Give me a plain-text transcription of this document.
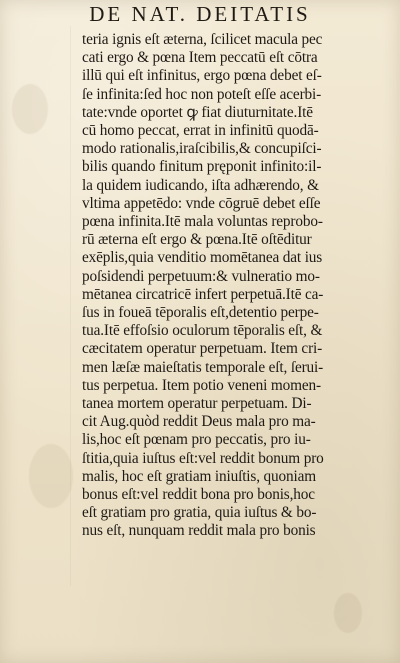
DE NAT. DEITATIS
teria ignis eſt æterna, ſcilicet macula pec
cati ergo & pœna Item peccatū eſt cōtra
illū qui eſt infinitus, ergo pœna debet eſ-
ſe infinita:ſed hoc non poteſt eſſe acerbi-
tate:vnde oportet ꝙ fiat diuturnitate.Itē
cū homo peccat, errat in infinitū quodā-
modo rationalis,iraſcibilis,& concupiſci-
bilis quando finitum pręponit infinito:il-
la quidem iudicando, iſta adhærendo, &
vltima appetēdo: vnde cōgruē debet eſſe
pœna infinita.Itē mala voluntas reprobo-
rū æterna eſt ergo & pœna.Itē oſtēditur
exēplis,quia venditio momētanea dat ius
poſsidendi perpetuum:& vulneratio mo-
mētanea circatricē infert perpetuā.Itē ca-
ſus in foueā tēporalis eſt,detentio perpe-
tua.Itē effoſsio oculorum tēporalis eſt, &
cæcitatem operatur perpetuam. Item cri-
men læſæ maieſtatis temporale eſt, ſerui-
tus perpetua. Item potio veneni momen-
tanea mortem operatur perpetuam. Di-
cit Aug.quòd reddit Deus mala pro ma-
lis,hoc eſt pœnam pro peccatis, pro iu-
ſtitia,quia iuſtus eſt:vel reddit bonum pro
malis, hoc eſt gratiam iniuſtis, quoniam
bonus eſt:vel reddit bona pro bonis,hoc
eſt gratiam pro gratia, quia iuſtus & bo-
nus eſt, nunquam reddit mala pro bonis
